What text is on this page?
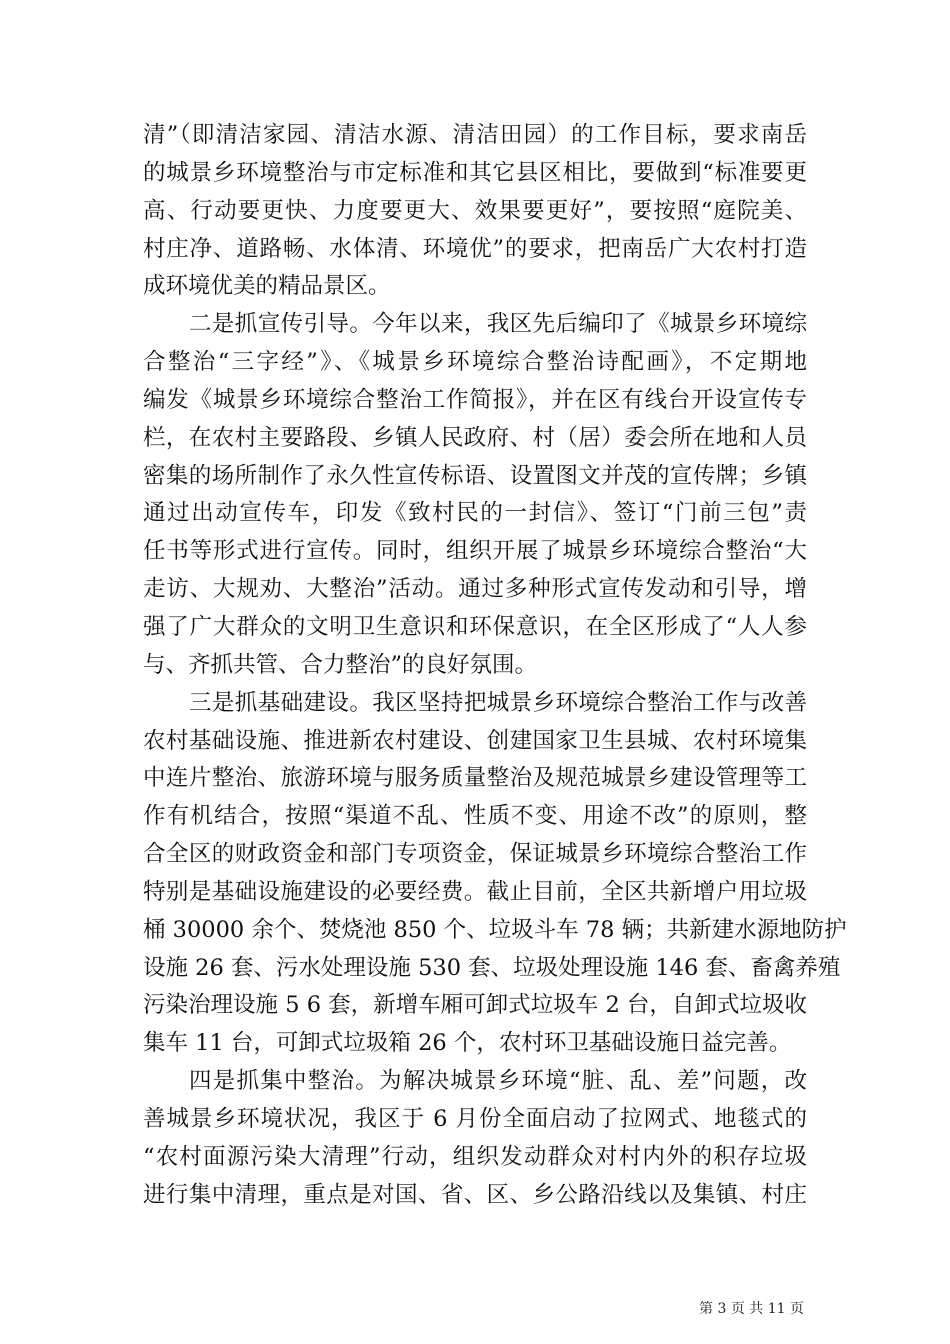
清”（即清洁家园、清洁水源、清洁田园）的工作目标，要求南岳
的城景乡环境整治与市定标准和其它县区相比，要做到“标准要更
高、行动要更快、力度要更大、效果要更好”，要按照“庭院美、
村庄净、道路畅、水体清、环境优”的要求，把南岳广大农村打造
成环境优美的精品景区。
二是抓宣传引导。今年以来，我区先后编印了《城景乡环境综
合整治“三字经”》、《城景乡环境综合整治诗配画》，不定期地
编发《城景乡环境综合整治工作简报》，并在区有线台开设宣传专
栏，在农村主要路段、乡镇人民政府、村（居）委会所在地和人员
密集的场所制作了永久性宣传标语、设置图文并茂的宣传牌；乡镇
通过出动宣传车，印发《致村民的一封信》、签订“门前三包”责
任书等形式进行宣传。同时，组织开展了城景乡环境综合整治“大
走访、大规劝、大整治”活动。通过多种形式宣传发动和引导，增
强了广大群众的文明卫生意识和环保意识，在全区形成了“人人参
与、齐抓共管、合力整治”的良好氛围。
三是抓基础建设。我区坚持把城景乡环境综合整治工作与改善
农村基础设施、推进新农村建设、创建国家卫生县城、农村环境集
中连片整治、旅游环境与服务质量整治及规范城景乡建设管理等工
作有机结合，按照“渠道不乱、性质不变、用途不改”的原则，整
合全区的财政资金和部门专项资金，保证城景乡环境综合整治工作
特别是基础设施建设的必要经费。截止目前，全区共新增户用垃圾
桶 30000 余个、焚烧池 850 个、垃圾斗车 78 辆；共新建水源地防护
设施 26 套、污水处理设施 530 套、垃圾处理设施 146 套、畜禽养殖
污染治理设施 5 6 套，新增车厢可卸式垃圾车 2 台，自卸式垃圾收
集车 11 台，可卸式垃圾箱 26 个，农村环卫基础设施日益完善。
四是抓集中整治。为解决城景乡环境“脏、乱、差”问题，改
善城景乡环境状况，我区于 6 月份全面启动了拉网式、地毯式的
“农村面源污染大清理”行动，组织发动群众对村内外的积存垃圾
进行集中清理，重点是对国、省、区、乡公路沿线以及集镇、村庄
第 3 页 共 11 页
